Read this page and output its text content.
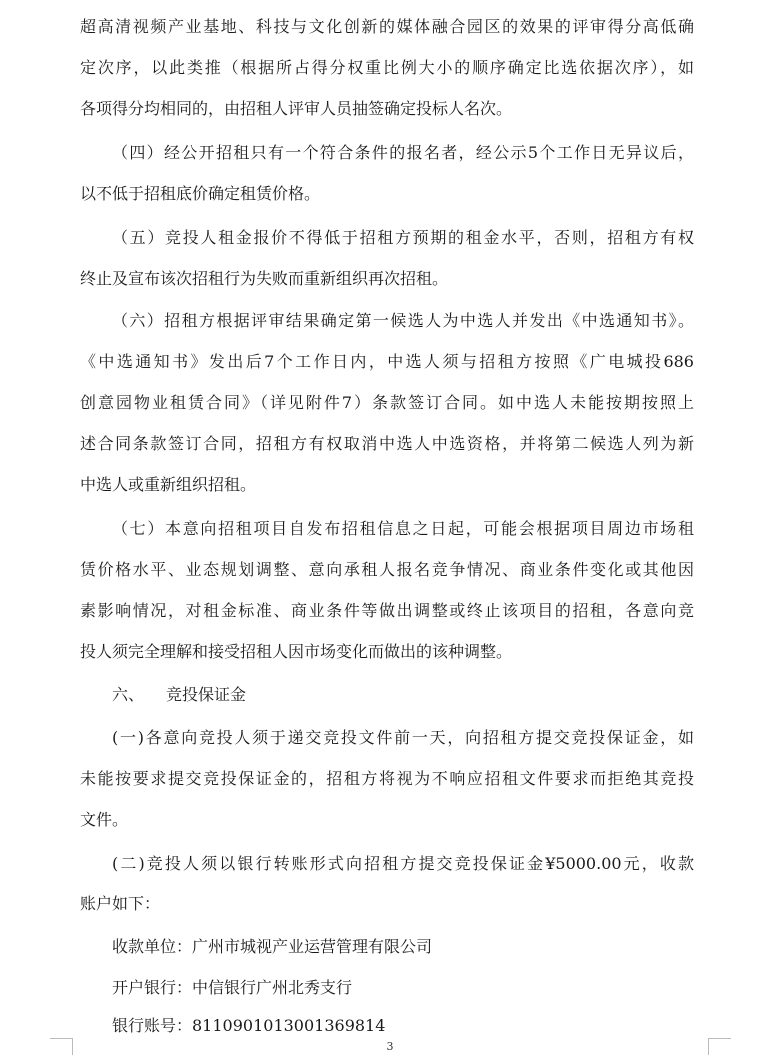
超高清视频产业基地、科技与文化创新的媒体融合园区的效果的评审得分高低确
定次序，以此类推（根据所占得分权重比例大小的顺序确定比选依据次序），如
各项得分均相同的，由招租人评审人员抽签确定投标人名次。
（四）经公开招租只有一个符合条件的报名者，经公示5个工作日无异议后，
以不低于招租底价确定租赁价格。
（五）竞投人租金报价不得低于招租方预期的租金水平，否则，招租方有权
终止及宣布该次招租行为失败而重新组织再次招租。
（六）招租方根据评审结果确定第一候选人为中选人并发出《中选通知书》。
《中选通知书》发出后7个工作日内，中选人须与招租方按照《广电城投686
创意园物业租赁合同》（详见附件7）条款签订合同。如中选人未能按期按照上
述合同条款签订合同，招租方有权取消中选人中选资格，并将第二候选人列为新
中选人或重新组织招租。
（七）本意向招租项目自发布招租信息之日起，可能会根据项目周边市场租
赁价格水平、业态规划调整、意向承租人报名竞争情况、商业条件变化或其他因
素影响情况，对租金标准、商业条件等做出调整或终止该项目的招租，各意向竞
投人须完全理解和接受招租人因市场变化而做出的该种调整。
六、 竞投保证金
(一)各意向竞投人须于递交竞投文件前一天，向招租方提交竞投保证金，如
未能按要求提交竞投保证金的，招租方将视为不响应招租文件要求而拒绝其竞投
文件。
(二)竞投人须以银行转账形式向招租方提交竞投保证金¥5000.00元，收款
账户如下：
收款单位：广州市城视产业运营管理有限公司
开户银行：中信银行广州北秀支行
银行账号：8110901013001369814
3
